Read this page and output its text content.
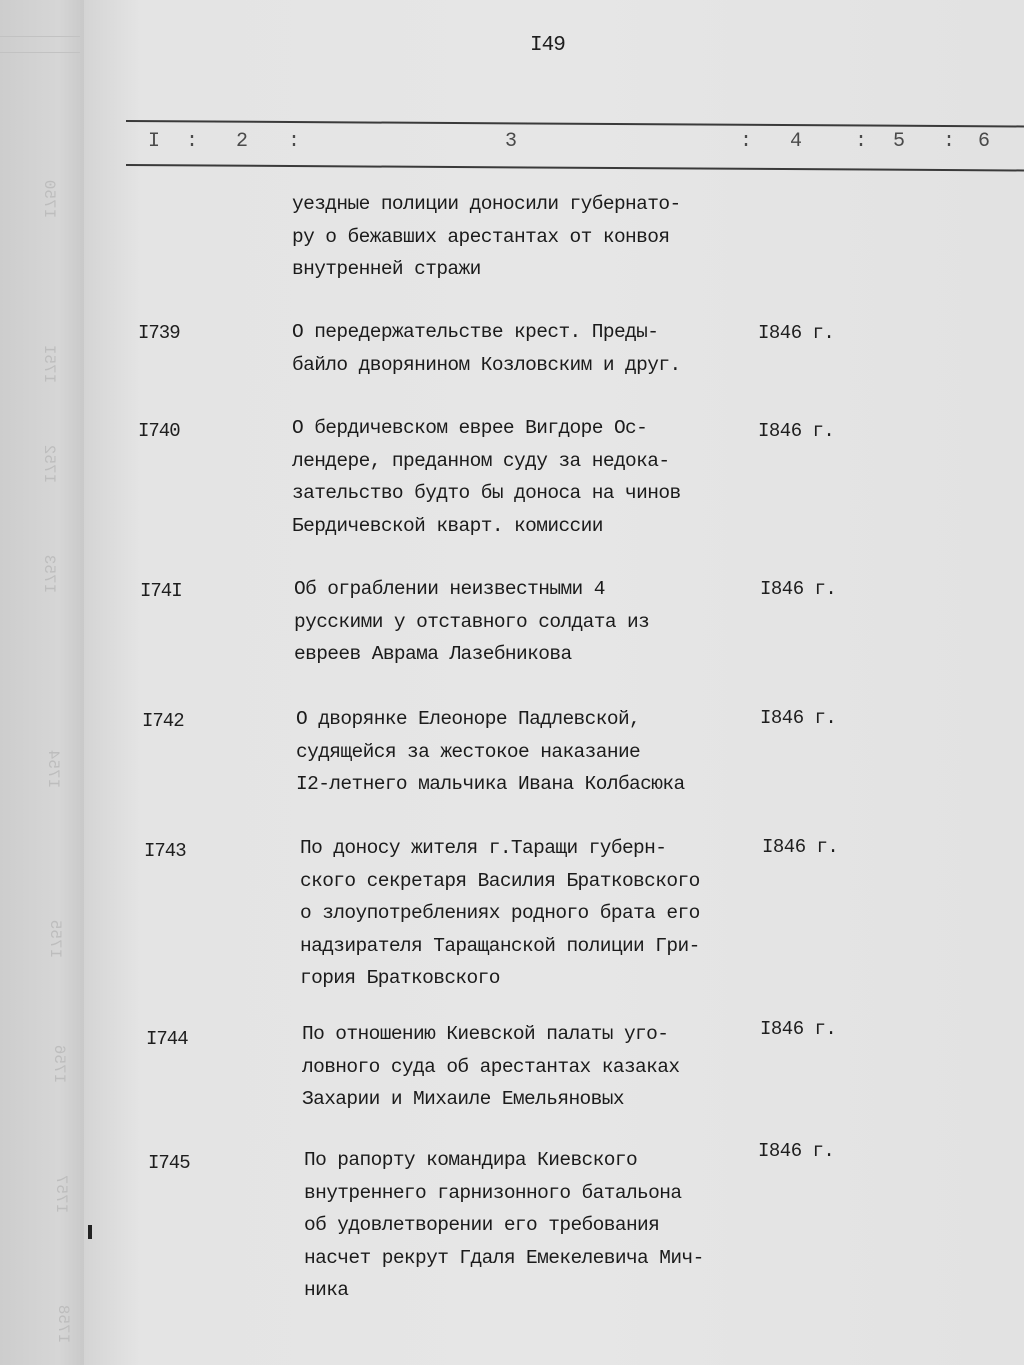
I750
I75I
I752
I753
I754
I755
I756
I757
I758
I49
I : 2 :	3	: 4	: 5 : 6
уездные полиции доносили губернато-
ру о бежавших арестантах от конвоя
внутренней стражи
I739	О передержательстве крест. Преды-
байло дворянином Козловским и друг.
I846 г.
I740	О бердичевском еврее Вигдоре Ос-
лендере, преданном суду за недока-
зательство будто бы доноса на чинов
Бердичевской кварт. комиссии
I846 г.
I74I	Об ограблении неизвестными 4
русскими у отставного солдата из
евреев Аврама Лазебникова
I846 г.
I742	О дворянке Елеоноре Падлевской,
судящейся за жестокое наказание
I2-летнего мальчика Ивана Колбасюка
I846 г.
I743	По доносу жителя г.Таращи губерн-
ского секретаря Василия Братковского
о злоупотреблениях родного брата его
надзирателя Таращанской полиции Гри-
гория Братковского
I846 г.
I744	По отношению Киевской палаты уго-
ловного суда об арестантах казаках
Захарии и Михаиле Емельяновых
I846 г.
I745	По рапорту командира Киевского
внутреннего гарнизонного батальона
об удовлетворении его требования
насчет рекрут Гдаля Емекелевича Мич-
ника
I846 г.
